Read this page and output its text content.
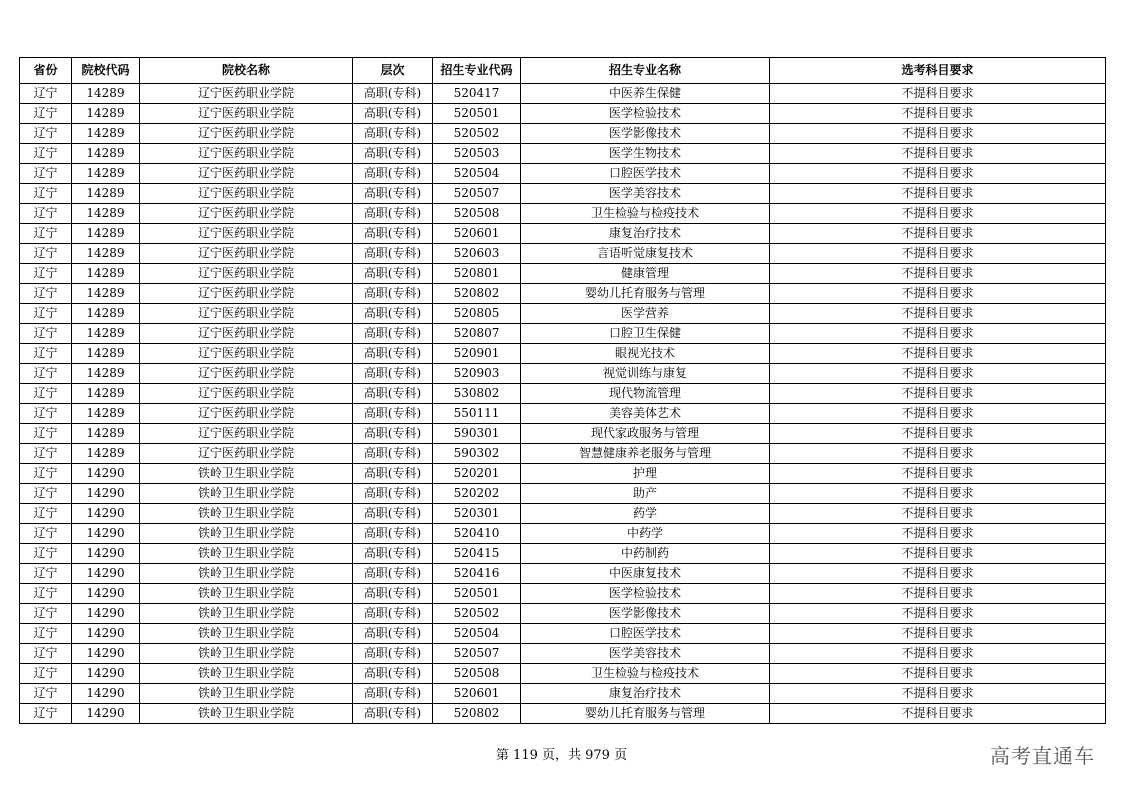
省份	院校代码	院校名称	层次	招生专业代码	招生专业名称	选考科目要求
辽宁	14289	辽宁医药职业学院	高职(专科)	520417	中医养生保健	不提科目要求
辽宁	14289	辽宁医药职业学院	高职(专科)	520501	医学检验技术	不提科目要求
辽宁	14289	辽宁医药职业学院	高职(专科)	520502	医学影像技术	不提科目要求
辽宁	14289	辽宁医药职业学院	高职(专科)	520503	医学生物技术	不提科目要求
辽宁	14289	辽宁医药职业学院	高职(专科)	520504	口腔医学技术	不提科目要求
辽宁	14289	辽宁医药职业学院	高职(专科)	520507	医学美容技术	不提科目要求
辽宁	14289	辽宁医药职业学院	高职(专科)	520508	卫生检验与检疫技术	不提科目要求
辽宁	14289	辽宁医药职业学院	高职(专科)	520601	康复治疗技术	不提科目要求
辽宁	14289	辽宁医药职业学院	高职(专科)	520603	言语听觉康复技术	不提科目要求
辽宁	14289	辽宁医药职业学院	高职(专科)	520801	健康管理	不提科目要求
辽宁	14289	辽宁医药职业学院	高职(专科)	520802	婴幼儿托育服务与管理	不提科目要求
辽宁	14289	辽宁医药职业学院	高职(专科)	520805	医学营养	不提科目要求
辽宁	14289	辽宁医药职业学院	高职(专科)	520807	口腔卫生保健	不提科目要求
辽宁	14289	辽宁医药职业学院	高职(专科)	520901	眼视光技术	不提科目要求
辽宁	14289	辽宁医药职业学院	高职(专科)	520903	视觉训练与康复	不提科目要求
辽宁	14289	辽宁医药职业学院	高职(专科)	530802	现代物流管理	不提科目要求
辽宁	14289	辽宁医药职业学院	高职(专科)	550111	美容美体艺术	不提科目要求
辽宁	14289	辽宁医药职业学院	高职(专科)	590301	现代家政服务与管理	不提科目要求
辽宁	14289	辽宁医药职业学院	高职(专科)	590302	智慧健康养老服务与管理	不提科目要求
辽宁	14290	铁岭卫生职业学院	高职(专科)	520201	护理	不提科目要求
辽宁	14290	铁岭卫生职业学院	高职(专科)	520202	助产	不提科目要求
辽宁	14290	铁岭卫生职业学院	高职(专科)	520301	药学	不提科目要求
辽宁	14290	铁岭卫生职业学院	高职(专科)	520410	中药学	不提科目要求
辽宁	14290	铁岭卫生职业学院	高职(专科)	520415	中药制药	不提科目要求
辽宁	14290	铁岭卫生职业学院	高职(专科)	520416	中医康复技术	不提科目要求
辽宁	14290	铁岭卫生职业学院	高职(专科)	520501	医学检验技术	不提科目要求
辽宁	14290	铁岭卫生职业学院	高职(专科)	520502	医学影像技术	不提科目要求
辽宁	14290	铁岭卫生职业学院	高职(专科)	520504	口腔医学技术	不提科目要求
辽宁	14290	铁岭卫生职业学院	高职(专科)	520507	医学美容技术	不提科目要求
辽宁	14290	铁岭卫生职业学院	高职(专科)	520508	卫生检验与检疫技术	不提科目要求
辽宁	14290	铁岭卫生职业学院	高职(专科)	520601	康复治疗技术	不提科目要求
辽宁	14290	铁岭卫生职业学院	高职(专科)	520802	婴幼儿托育服务与管理	不提科目要求
第 119 页，共 979 页	高考直通车
